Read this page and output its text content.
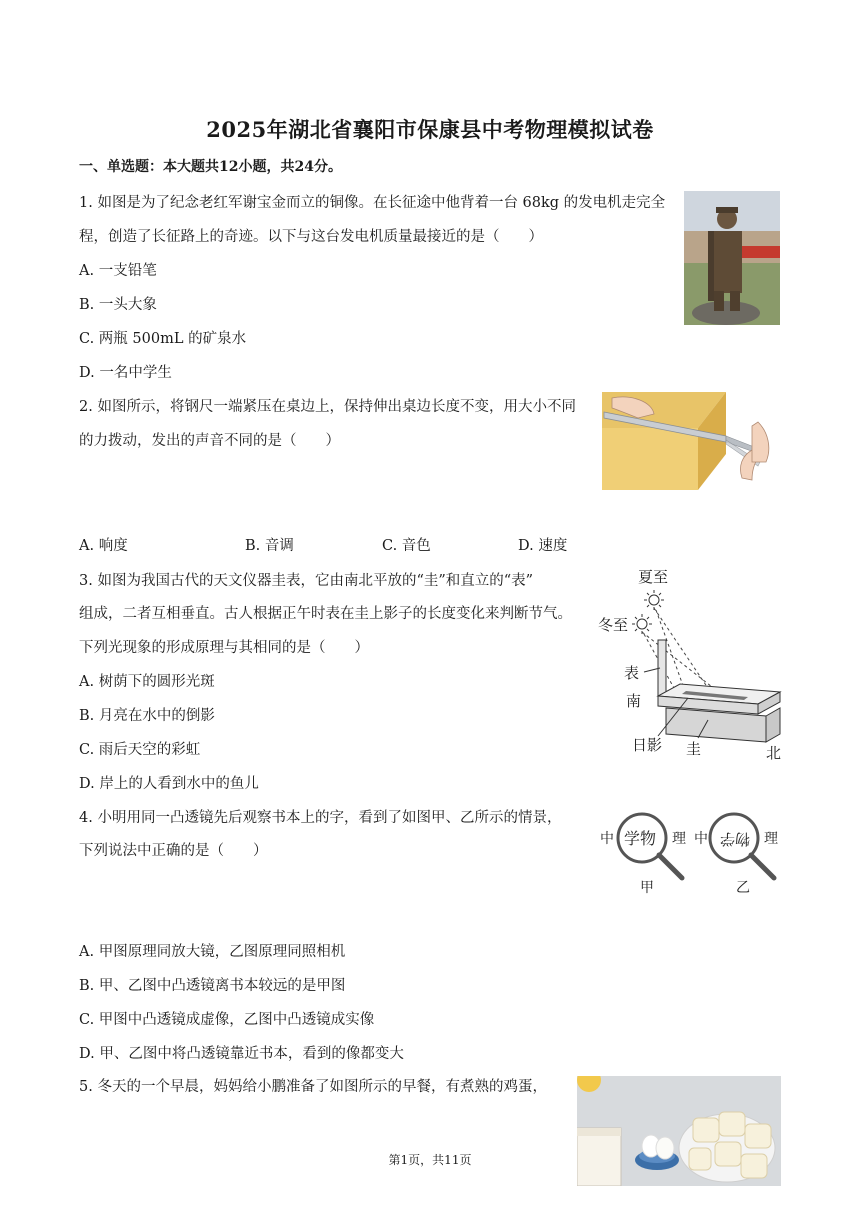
2025年湖北省襄阳市保康县中考物理模拟试卷
一、单选题：本大题共12小题，共24分。
1. 如图是为了纪念老红军谢宝金而立的铜像。在长征途中他背着一台 68kg 的发电机走完全
程，创造了长征路上的奇迹。以下与这台发电机质量最接近的是（　　）
A. 一支铅笔
B. 一头大象
C. 两瓶 500mL 的矿泉水
D. 一名中学生
2. 如图所示，将钢尺一端紧压在桌边上，保持伸出桌边长度不变，用大小不同
的力拨动，发出的声音不同的是（　　）
A. 响度	B. 音调	C. 音色	D. 速度
3. 如图为我国古代的天文仪器圭表，它由南北平放的“圭”和直立的“表”
组成，二者互相垂直。古人根据正午时表在圭上影子的长度变化来判断节气。
下列光现象的形成原理与其相同的是（　　）
A. 树荫下的圆形光斑
B. 月亮在水中的倒影
C. 雨后天空的彩虹
D. 岸上的人看到水中的鱼儿
夏至
冬至
表
南
日影 圭	北
4. 小明用同一凸透镜先后观察书本上的字，看到了如图甲、乙所示的情景，
下列说法中正确的是（　　）
A. 甲图原理同放大镜，乙图原理同照相机
B. 甲、乙图中凸透镜离书本较远的是甲图
C. 甲图中凸透镜成虚像，乙图中凸透镜成实像
D. 甲、乙图中将凸透镜靠近书本，看到的像都变大
中 学物 理
甲
中 物学 理
乙
5. 冬天的一个早晨，妈妈给小鹏准备了如图所示的早餐，有煮熟的鸡蛋，
第1页，共11页
